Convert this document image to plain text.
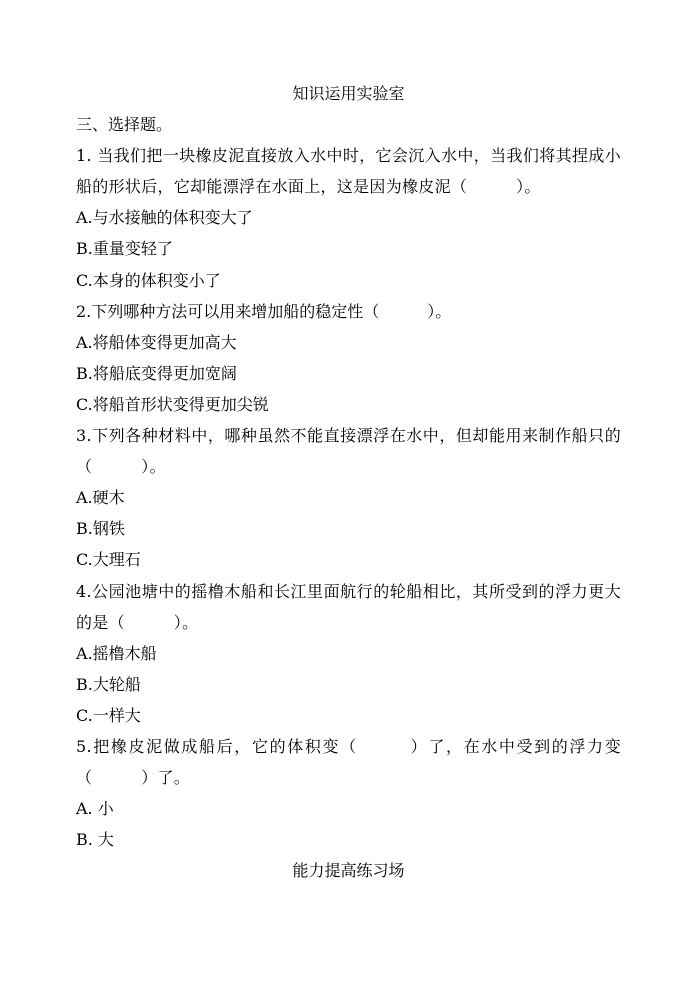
知识运用实验室
三、选择题。
1. 当我们把一块橡皮泥直接放入水中时，它会沉入水中，当我们将其捏成小船的形状后，它却能漂浮在水面上，这是因为橡皮泥（　　　）。
A.与水接触的体积变大了
B.重量变轻了
C.本身的体积变小了
2.下列哪种方法可以用来增加船的稳定性（　　　）。
A.将船体变得更加高大
B.将船底变得更加宽阔
C.将船首形状变得更加尖锐
3.下列各种材料中，哪种虽然不能直接漂浮在水中，但却能用来制作船只的（　　　）。
A.硬木
B.钢铁
C.大理石
4.公园池塘中的摇橹木船和长江里面航行的轮船相比，其所受到的浮力更大的是（　　　）。
A.摇橹木船
B.大轮船
C.一样大
5.把橡皮泥做成船后，它的体积变（　　　）了，在水中受到的浮力变（　　　）了。
A. 小
B. 大
能力提高练习场
